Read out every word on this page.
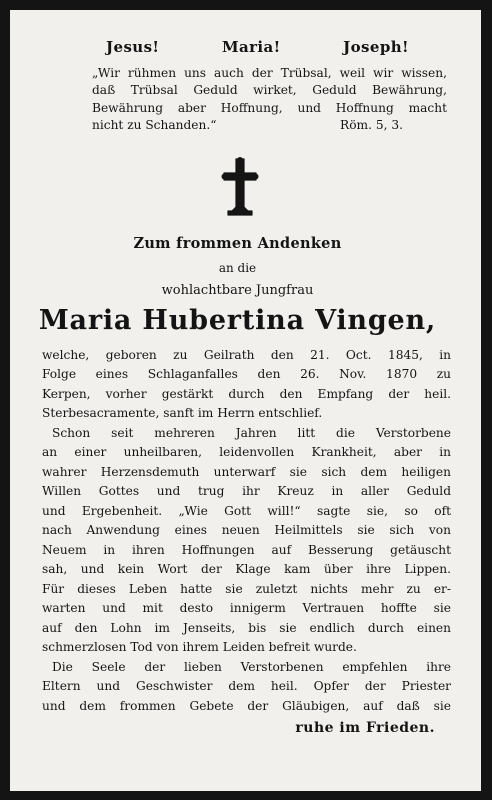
Jesus!	Maria!	Joseph!
„Wir rühmen uns auch der Trübsal, weil wir wissen,
daß Trübsal Geduld wirket, Geduld Bewährung,
Bewährung aber Hoffnung, und Hoffnung macht
nicht zu Schanden.“	Röm. 5, 3.
Zum frommen Andenken
an die
wohlachtbare Jungfrau
Maria Hubertina Vingen,
welche, geboren zu Geilrath den 21. Oct. 1845, in
Folge eines Schlaganfalles den 26. Nov. 1870 zu
Kerpen, vorher gestärkt durch den Empfang der heil.
Sterbesacramente, sanft im Herrn entschlief.
Schon seit mehreren Jahren litt die Verstorbene
an einer unheilbaren, leidenvollen Krankheit, aber in
wahrer Herzensdemuth unterwarf sie sich dem heiligen
Willen Gottes und trug ihr Kreuz in aller Geduld
und Ergebenheit. „Wie Gott will!“ sagte sie, so oft
nach Anwendung eines neuen Heilmittels sie sich von
Neuem in ihren Hoffnungen auf Besserung getäuscht
sah, und kein Wort der Klage kam über ihre Lippen.
Für dieses Leben hatte sie zuletzt nichts mehr zu er-
warten und mit desto innigerm Vertrauen hoffte sie
auf den Lohn im Jenseits, bis sie endlich durch einen
schmerzlosen Tod von ihrem Leiden befreit wurde.
Die Seele der lieben Verstorbenen empfehlen ihre
Eltern und Geschwister dem heil. Opfer der Priester
und dem frommen Gebete der Gläubigen, auf daß sie
ruhe im Frieden.
